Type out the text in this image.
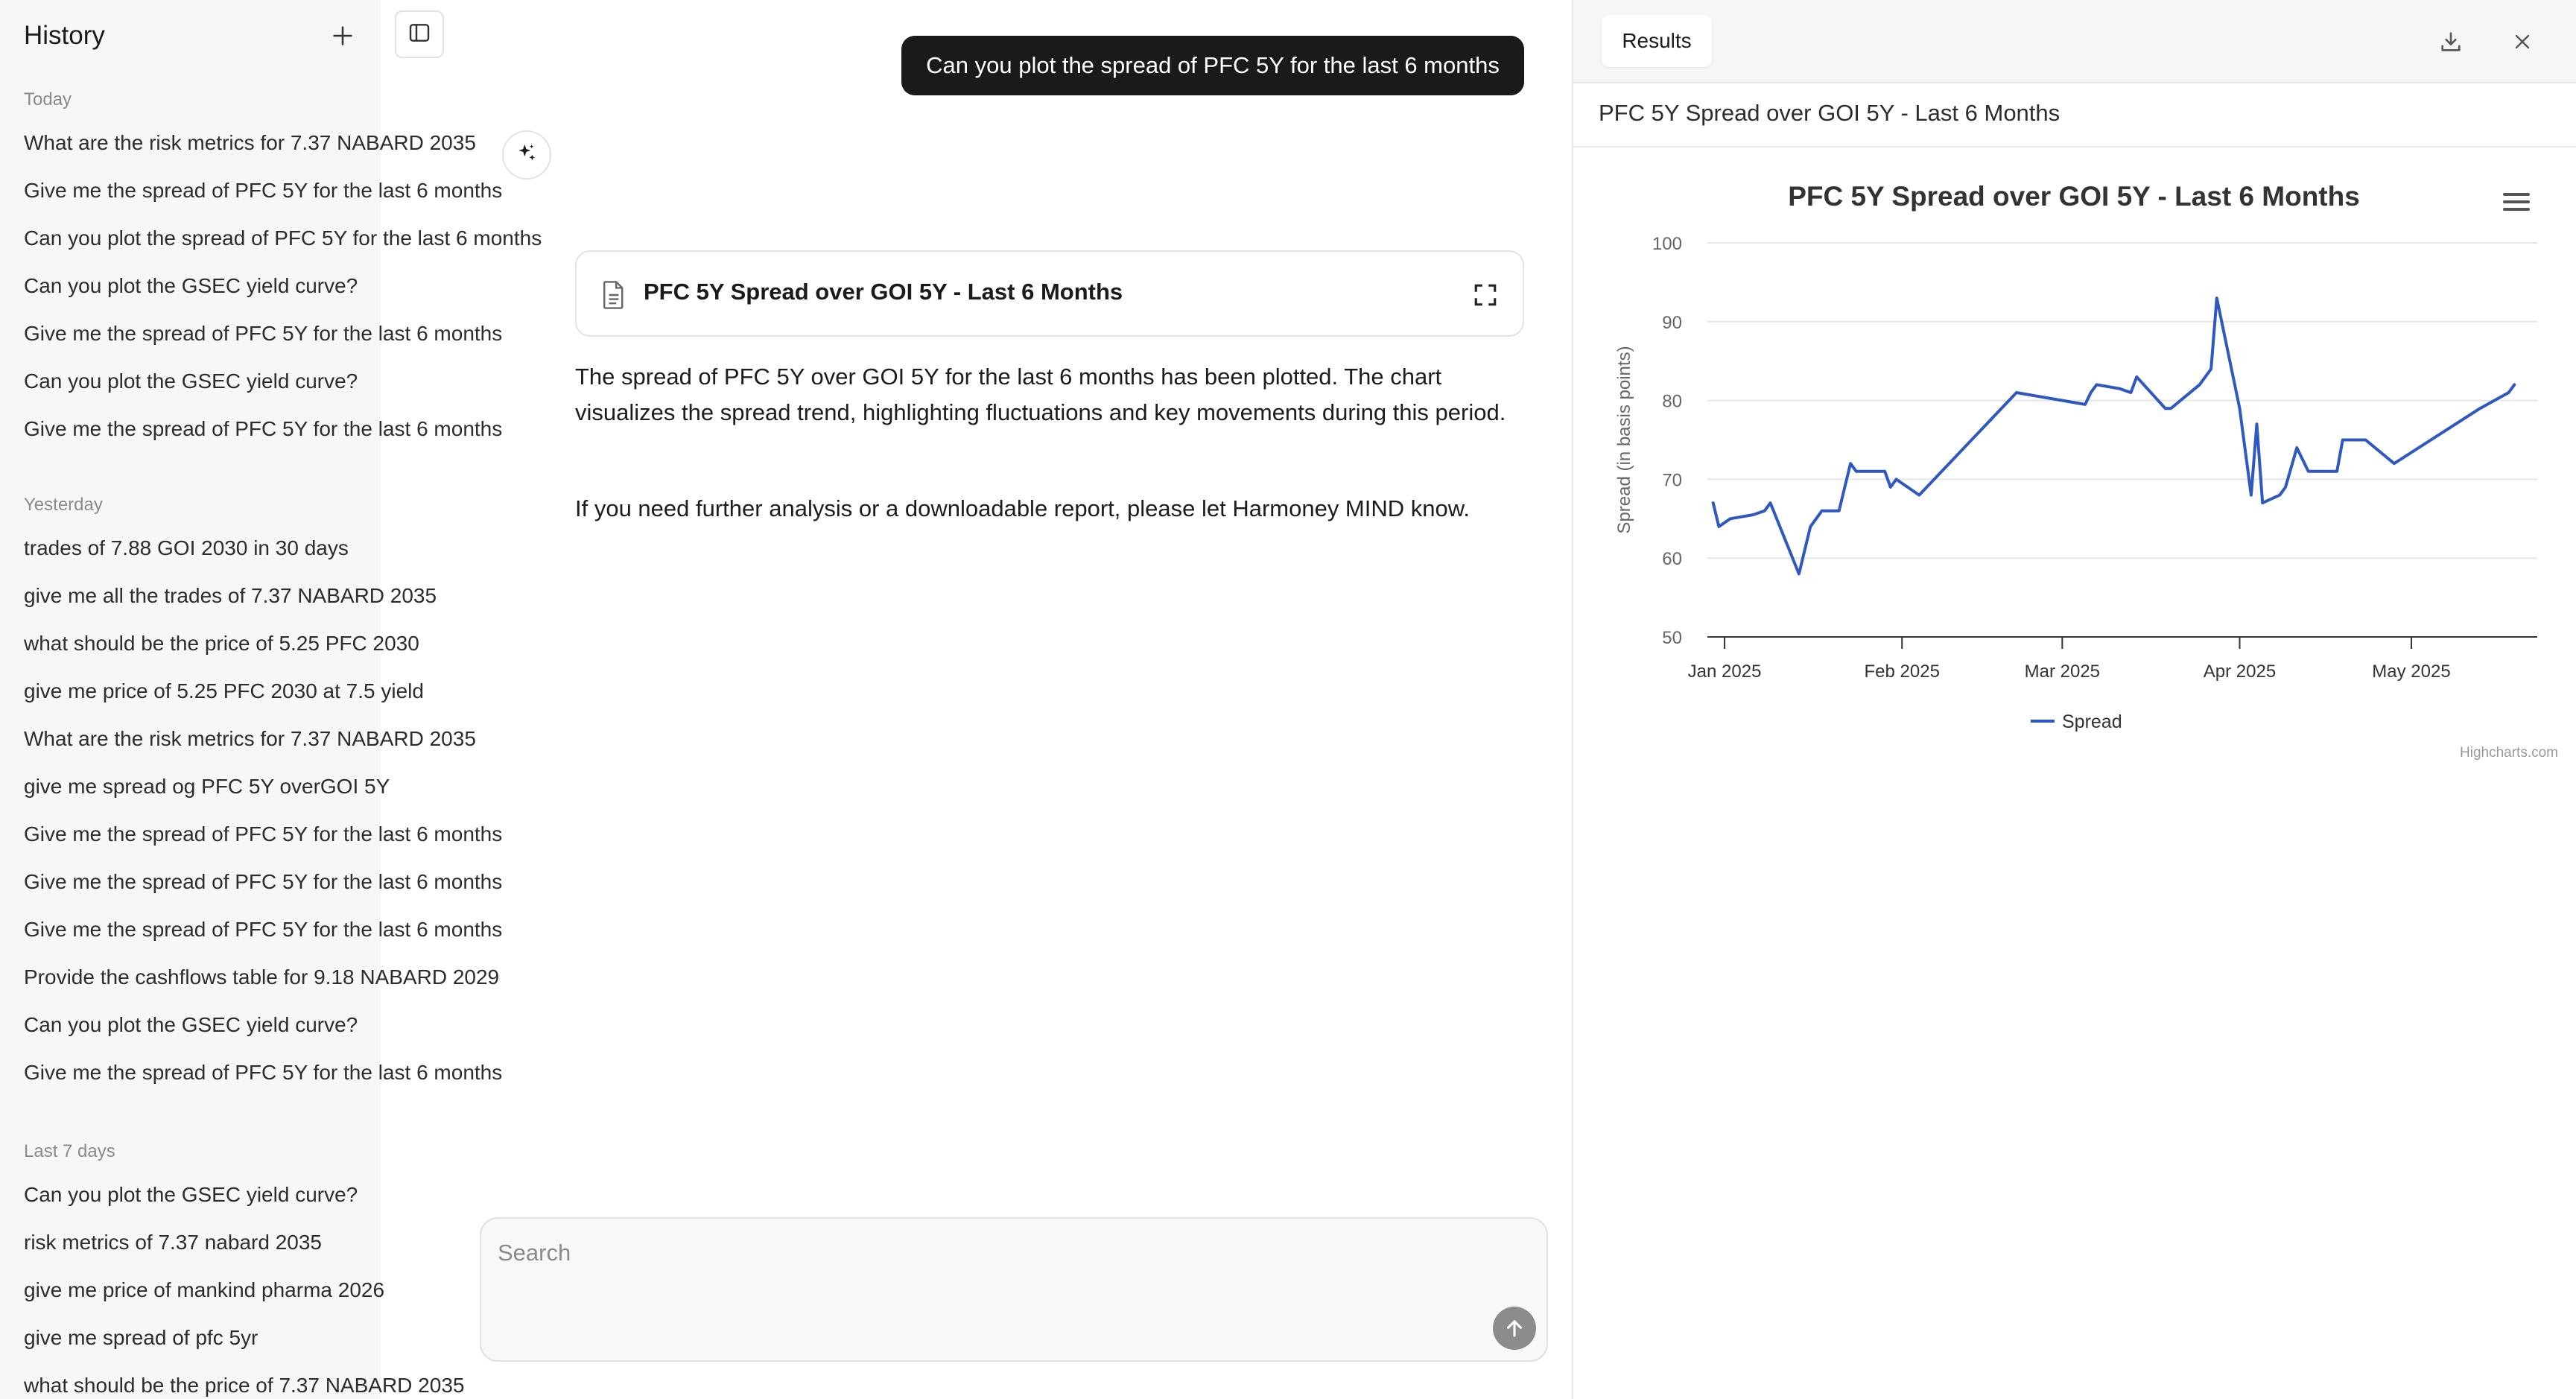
History
Today
What are the risk metrics for 7.37 NABARD 2035
Give me the spread of PFC 5Y for the last 6 months
Can you plot the spread of PFC 5Y for the last 6 months
Can you plot the GSEC yield curve?
Give me the spread of PFC 5Y for the last 6 months
Can you plot the GSEC yield curve?
Give me the spread of PFC 5Y for the last 6 months
Yesterday
trades of 7.88 GOI 2030 in 30 days
give me all the trades of 7.37 NABARD 2035
what should be the price of 5.25 PFC 2030
give me price of 5.25 PFC 2030 at 7.5 yield
What are the risk metrics for 7.37 NABARD 2035
give me spread og PFC 5Y overGOI 5Y
Give me the spread of PFC 5Y for the last 6 months
Give me the spread of PFC 5Y for the last 6 months
Give me the spread of PFC 5Y for the last 6 months
Provide the cashflows table for 9.18 NABARD 2029
Can you plot the GSEC yield curve?
Give me the spread of PFC 5Y for the last 6 months
Last 7 days
Can you plot the GSEC yield curve?
risk metrics of 7.37 nabard 2035
give me price of mankind pharma 2026
give me spread of pfc 5yr
what should be the price of 7.37 NABARD 2035
Can you plot the spread of PFC 5Y for the last 6 months
PFC 5Y Spread over GOI 5Y - Last 6 Months

The spread of PFC 5Y over GOI 5Y for the last 6 months has been plotted. The chart visualizes the spread trend, highlighting fluctuations and key movements during this period.

If you need further analysis or a downloadable report, please let Harmoney MIND know.

Search
Results
PFC 5Y Spread over GOI 5Y - Last 6 Months
PFC 5Y Spread over GOI 5Y - Last 6 Months
50
60
70
80
90
100
Jan 2025	Feb 2025	Mar 2025	Apr 2025	May 2025
Spread (in basis points)
Spread
Highcharts.com
